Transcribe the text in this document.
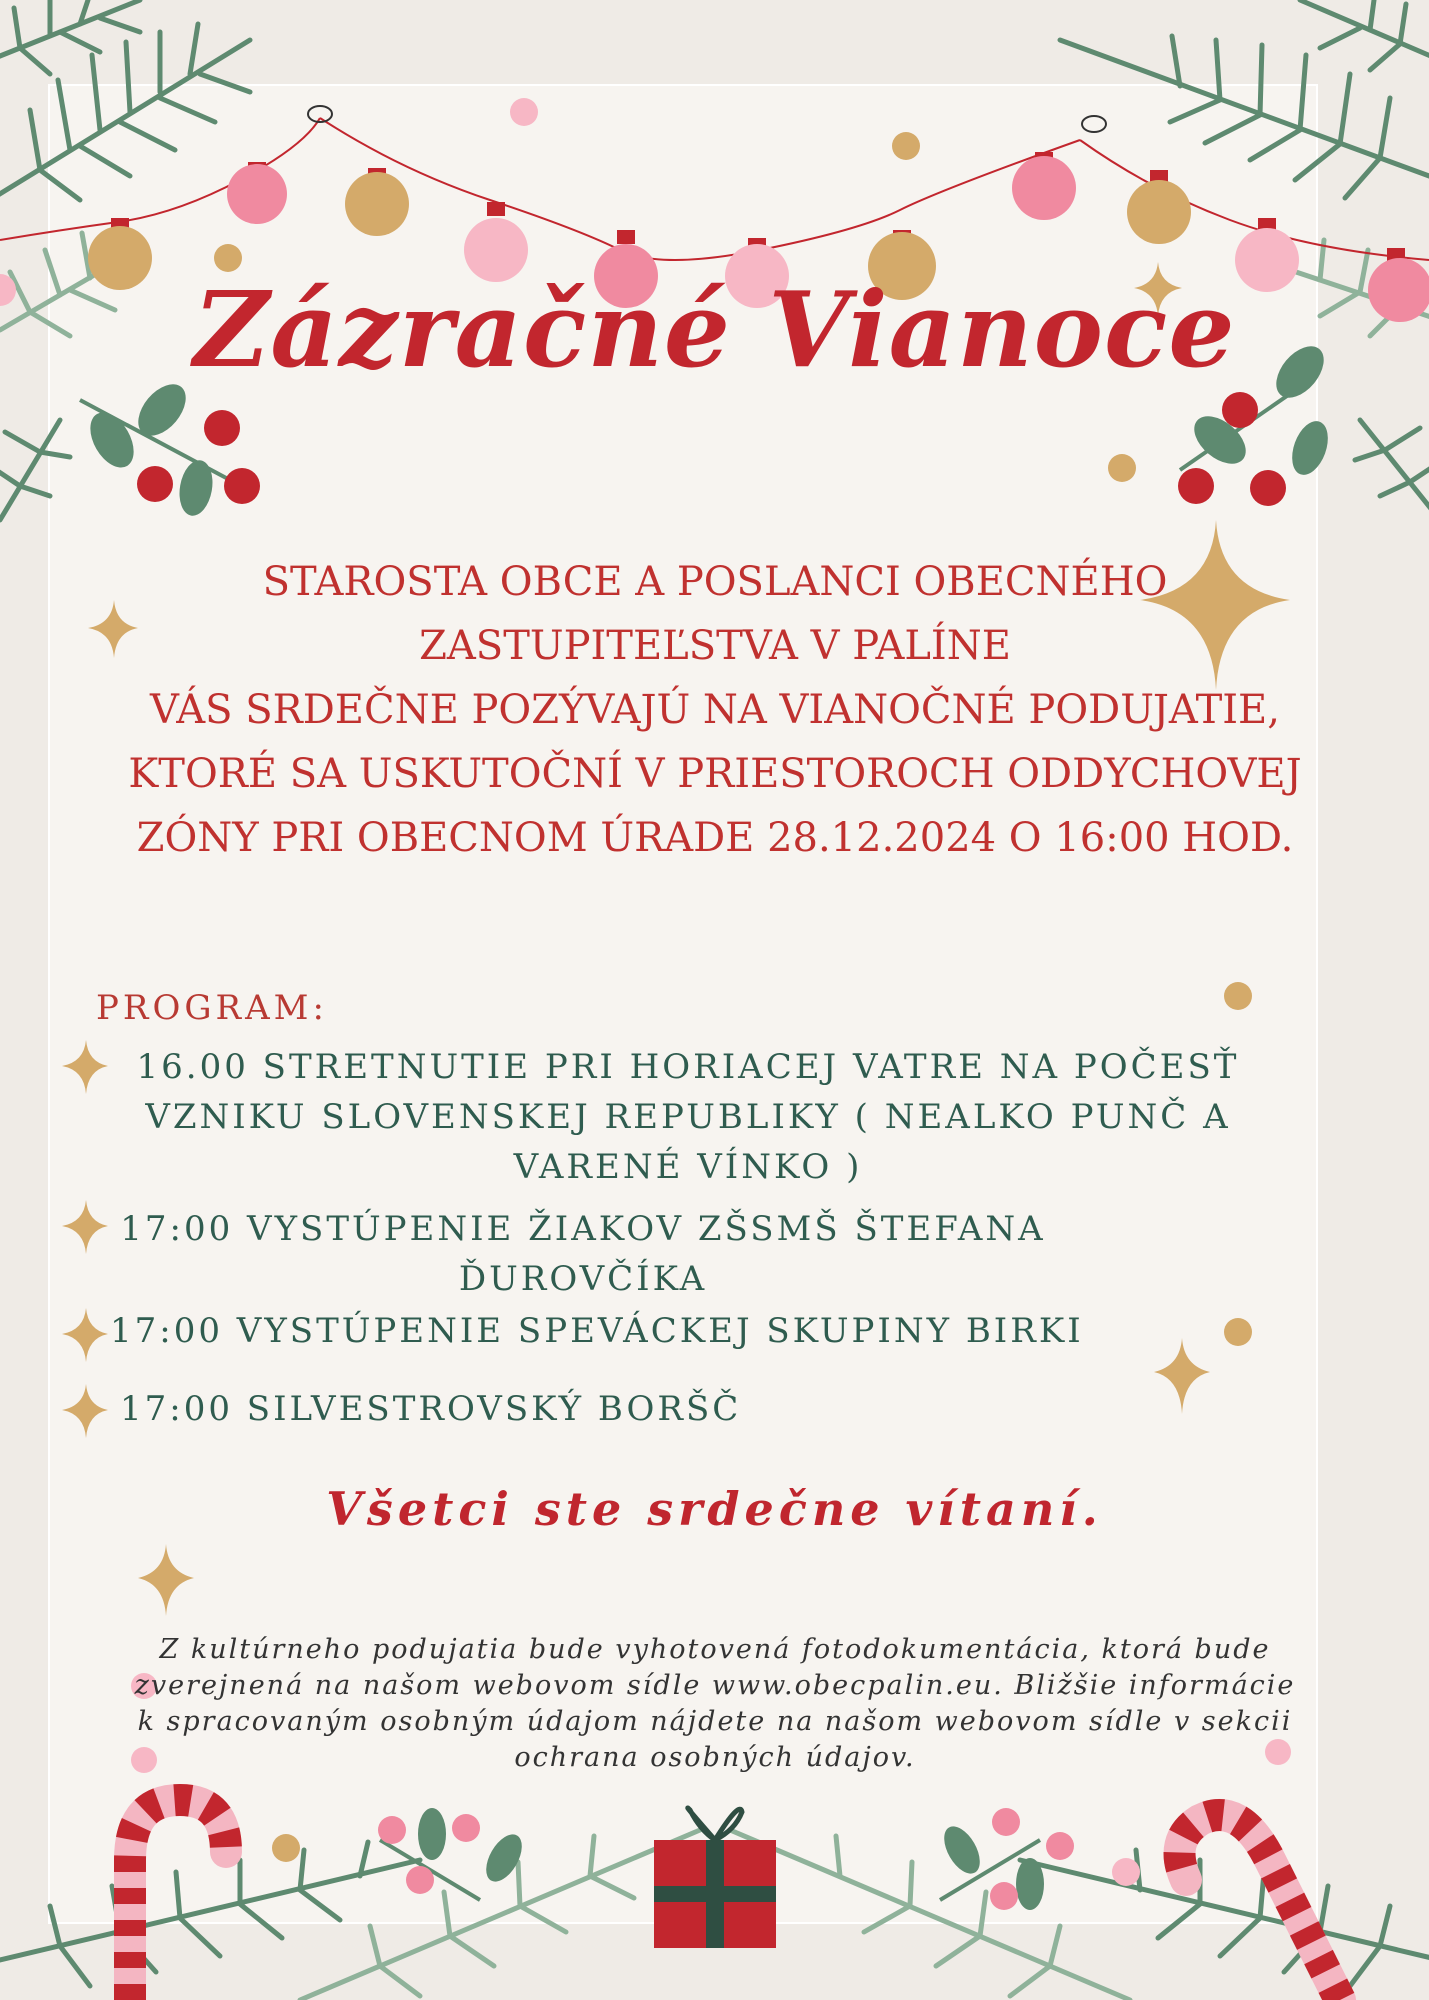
Zázračné Vianoce
STAROSTA OBCE A POSLANCI OBECNÉHO
ZASTUPITEĽSTVA V PALÍNE
VÁS SRDEČNE POZÝVAJÚ NA VIANOČNÉ PODUJATIE,
KTORÉ SA USKUTOČNÍ V PRIESTOROCH ODDYCHOVEJ
ZÓNY PRI OBECNOM ÚRADE 28.12.2024 O 16:00 HOD.
PROGRAM:
16.00 STRETNUTIE PRI HORIACEJ VATRE NA POČESŤ
VZNIKU SLOVENSKEJ REPUBLIKY ( NEALKO PUNČ A
VARENÉ VÍNKO )
17:00 VYSTÚPENIE ŽIAKOV ZŠSMŠ ŠTEFANA
ĎUROVČÍKA
17:00 VYSTÚPENIE SPEVÁCKEJ SKUPINY BIRKI
17:00 SILVESTROVSKÝ BORŠČ
Všetci ste srdečne vítaní.
Z kultúrneho podujatia bude vyhotovená fotodokumentácia, ktorá bude
zverejnená na našom webovom sídle www.obecpalin.eu. Bližšie informácie
k spracovaným osobným údajom nájdete na našom webovom sídle v sekcii
ochrana osobných údajov.
